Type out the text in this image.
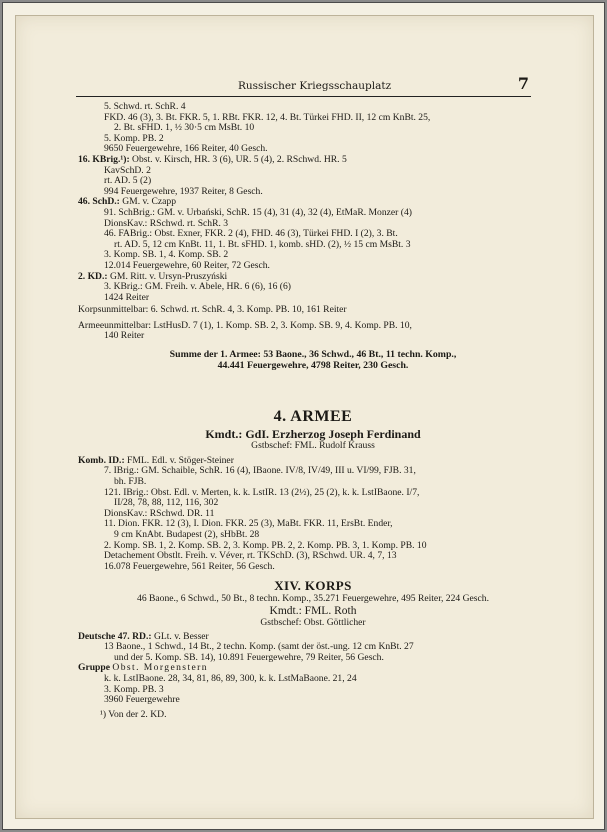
Russischer Kriegsschauplatz	7
5. Schwd. rt. SchR. 4
FKD. 46 (3), 3. Bt. FKR. 5, 1. RBt. FKR. 12, 4. Bt. Türkei FHD. II, 12 cm KnBt. 25,
2. Bt. sFHD. 1, ½ 30·5 cm MsBt. 10
5. Komp. PB. 2
9650 Feuergewehre, 166 Reiter, 40 Gesch.
16. KBrig.¹): Obst. v. Kirsch, HR. 3 (6), UR. 5 (4), 2. RSchwd. HR. 5
KavSchD. 2
rt. AD. 5 (2)
994 Feuergewehre, 1937 Reiter, 8 Gesch.
46. SchD.: GM. v. Czapp
91. SchBrig.: GM. v. Urbański, SchR. 15 (4), 31 (4), 32 (4), EtMaR. Monzer (4)
DionsKav.: RSchwd. rt. SchR. 3
46. FABrig.: Obst. Exner, FKR. 2 (4), FHD. 46 (3), Türkei FHD. I (2), 3. Bt.
rt. AD. 5, 12 cm KnBt. 11, 1. Bt. sFHD. 1, komb. sHD. (2), ½ 15 cm MsBt. 3
3. Komp. SB. 1, 4. Komp. SB. 2
12.014 Feuergewehre, 60 Reiter, 72 Gesch.
2. KD.: GM. Ritt. v. Ursyn-Pruszyński
3. KBrig.: GM. Freih. v. Abele, HR. 6 (6), 16 (6)
1424 Reiter
Korpsunmittelbar: 6. Schwd. rt. SchR. 4, 3. Komp. PB. 10, 161 Reiter
Armeeunmittelbar: LstHusD. 7 (1), 1. Komp. SB. 2, 3. Komp. SB. 9, 4. Komp. PB. 10,
140 Reiter
Summe der 1. Armee: 53 Baone., 36 Schwd., 46 Bt., 11 techn. Komp.,
44.441 Feuergewehre, 4798 Reiter, 230 Gesch.
4. ARMEE
Kmdt.: GdI. Erzherzog Joseph Ferdinand
Gstbschef: FML. Rudolf Krauss
Komb. ID.: FML. Edl. v. Stöger-Steiner
7. IBrig.: GM. Schaible, SchR. 16 (4), IBaone. IV/8, IV/49, III u. VI/99, FJB. 31,
bh. FJB.
121. IBrig.: Obst. Edl. v. Merten, k. k. LstIR. 13 (2½), 25 (2), k. k. LstIBaone. I/7,
II/28, 78, 88, 112, 116, 302
DionsKav.: RSchwd. DR. 11
11. Dion. FKR. 12 (3), I. Dion. FKR. 25 (3), MaBt. FKR. 11, ErsBt. Ender,
9 cm KnAbt. Budapest (2), sHbBt. 28
2. Komp. SB. 1, 2. Komp. SB. 2, 3. Komp. PB. 2, 2. Komp. PB. 3, 1. Komp. PB. 10
Detachement Obstlt. Freih. v. Véver, rt. TKSchD. (3), RSchwd. UR. 4, 7, 13
16.078 Feuergewehre, 561 Reiter, 56 Gesch.
XIV. KORPS
46 Baone., 6 Schwd., 50 Bt., 8 techn. Komp., 35.271 Feuergewehre, 495 Reiter, 224 Gesch.
Kmdt.: FML. Roth
Gstbschef: Obst. Göttlicher
Deutsche 47. RD.: GLt. v. Besser
13 Baone., 1 Schwd., 14 Bt., 2 techn. Komp. (samt der öst.-ung. 12 cm KnBt. 27
und der 5. Komp. SB. 14), 10.891 Feuergewehre, 79 Reiter, 56 Gesch.
Gruppe Obst. Morgenstern
k. k. LstIBaone. 28, 34, 81, 86, 89, 300, k. k. LstMaBaone. 21, 24
3. Komp. PB. 3
3960 Feuergewehre
¹) Von der 2. KD.
